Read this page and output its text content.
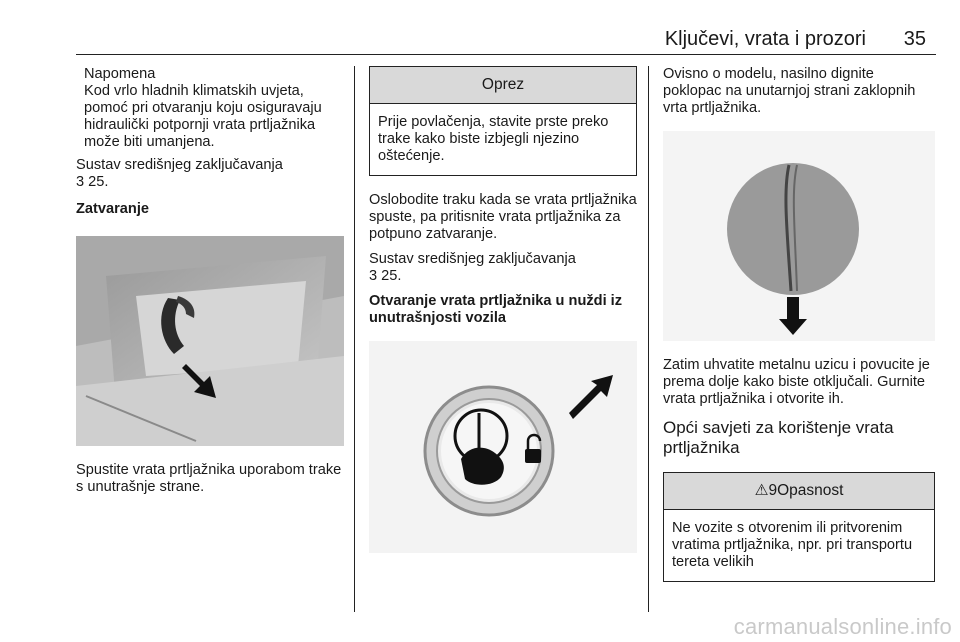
Ključevi, vrata i prozori 35
Napomena
Kod vrlo hladnih klimatskih uvjeta, pomoć pri otvaranju koju osiguravaju hidraulički potpornji vrata prtljažnika može biti umanjena.

Sustav središnjeg zaključavanja
3 25.

Zatvaranje

Spustite vrata prtljažnika uporabom trake s unutrašnje strane.

Oprez
Prije povlačenja, stavite prste preko trake kako biste izbjegli njezino oštećenje.

Oslobodite traku kada se vrata prtljažnika spuste, pa pritisnite vrata prtljažnika za potpuno zatvaranje.

Sustav središnjeg zaključavanja
3 25.

Otvaranje vrata prtljažnika u nuždi iz unutrašnjosti vozila

Ovisno o modelu, nasilno dignite poklopac na unutarnjoj strani zaklopnih vrta prtljažnika.

Zatim uhvatite metalnu uzicu i povucite je prema dolje kako biste otključali. Gurnite vrata prtljažnika i otvorite ih.

Opći savjeti za korištenje vrata prtljažnika
⚠9Opasnost
Ne vozite s otvorenim ili pritvorenim vratima prtljažnika, npr. pri transportu tereta velikih
carmanualsonline.info
